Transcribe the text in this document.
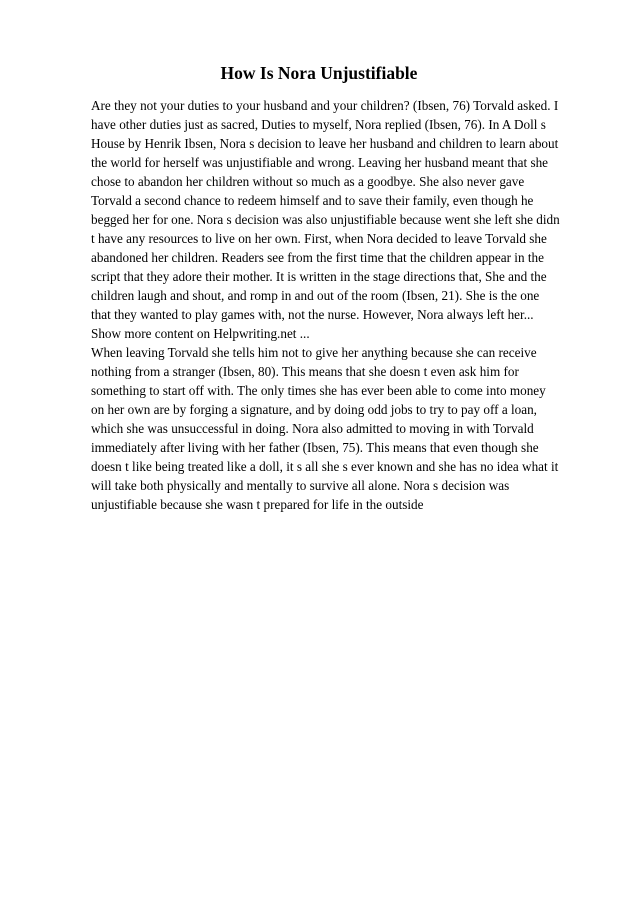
How Is Nora Unjustifiable

Are they not your duties to your husband and your children? (Ibsen, 76) Torvald asked. I have other duties just as sacred, Duties to myself, Nora replied (Ibsen, 76). In A Doll s House by Henrik Ibsen, Nora s decision to leave her husband and children to learn about the world for herself was unjustifiable and wrong. Leaving her husband meant that she chose to abandon her children without so much as a goodbye. She also never gave Torvald a second chance to redeem himself and to save their family, even though he begged her for one. Nora s decision was also unjustifiable because went she left she didn t have any resources to live on her own. First, when Nora decided to leave Torvald she abandoned her children. Readers see from the first time that the children appear in the script that they adore their mother. It is written in the stage directions that, She and the children laugh and shout, and romp in and out of the room (Ibsen, 21). She is the one that they wanted to play games with, not the nurse. However, Nora always left her... Show more content on Helpwriting.net ...

When leaving Torvald she tells him not to give her anything because she can receive nothing from a stranger (Ibsen, 80). This means that she doesn t even ask him for something to start off with. The only times she has ever been able to come into money on her own are by forging a signature, and by doing odd jobs to try to pay off a loan, which she was unsuccessful in doing. Nora also admitted to moving in with Torvald immediately after living with her father (Ibsen, 75). This means that even though she doesn t like being treated like a doll, it s all she s ever known and she has no idea what it will take both physically and mentally to survive all alone. Nora s decision was unjustifiable because she wasn t prepared for life in the outside
